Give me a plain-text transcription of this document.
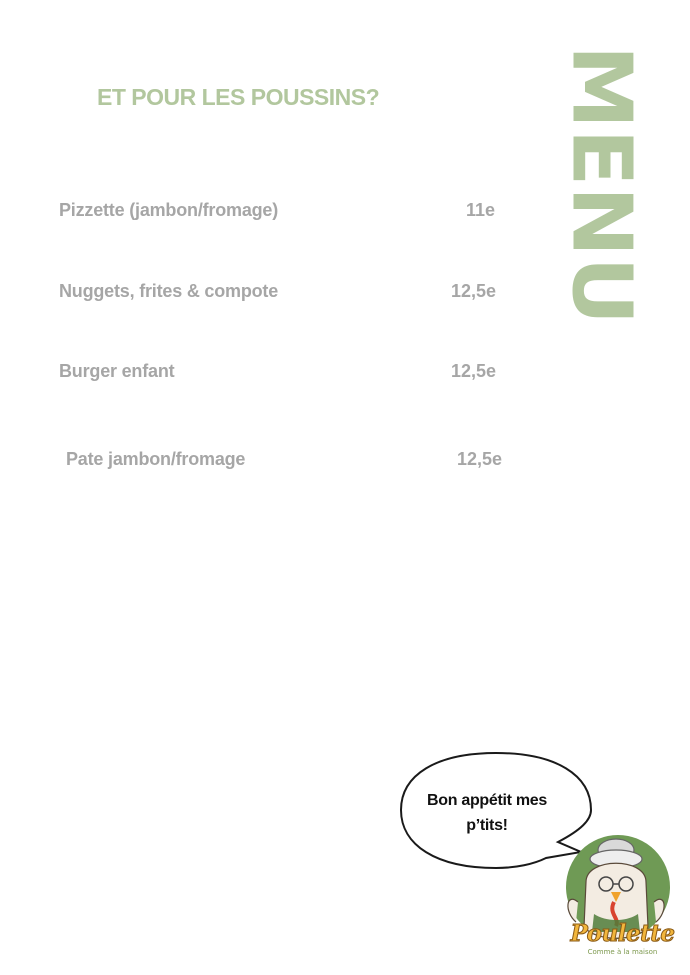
ET POUR LES POUSSINS? MENU
Pizzette (jambon/fromage)	11e
Nuggets, frites & compote	12,5e
Burger enfant	12,5e
Pate jambon/fromage	12,5e
Bon appétit mes
p’tits!
Poulette
Comme à la maison
